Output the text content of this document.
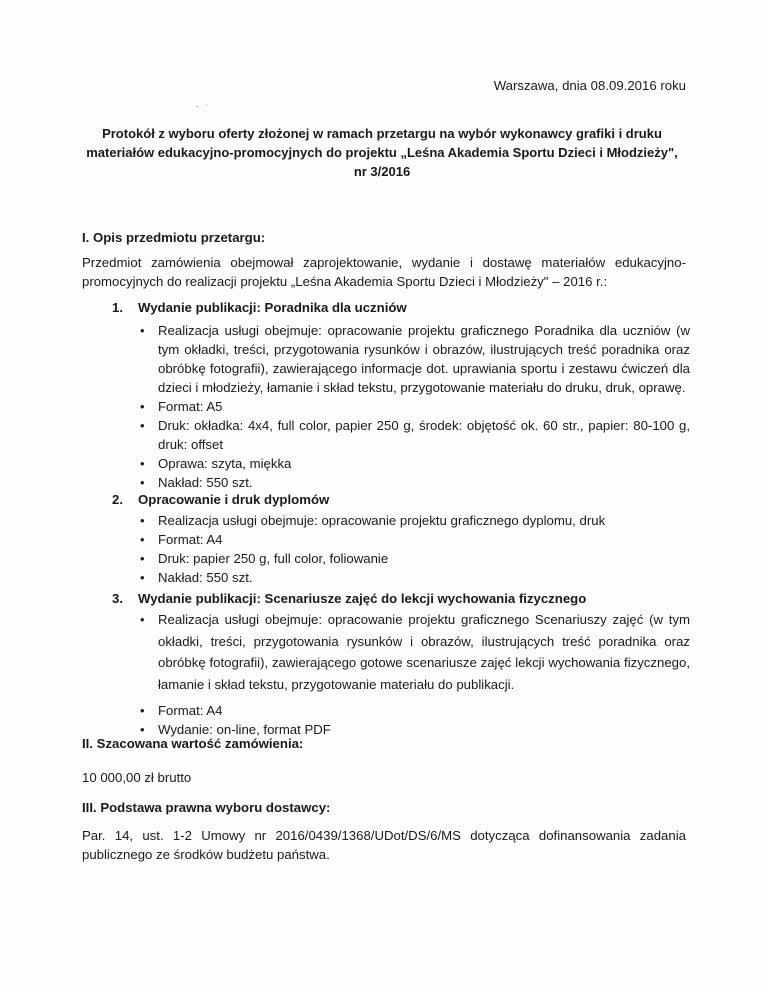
Warszawa, dnia 08.09.2016 roku
Protokół z wyboru oferty złożonej w ramach przetargu na wybór wykonawcy grafiki i druku materiałów edukacyjno-promocyjnych do projektu „Leśna Akademia Sportu Dzieci i Młodzieży", nr 3/2016
I. Opis przedmiotu przetargu:
Przedmiot zamówienia obejmował zaprojektowanie, wydanie i dostawę materiałów edukacyjno-promocyjnych do realizacji projektu „Leśna Akademia Sportu Dzieci i Młodzieży" – 2016 r.:
1. Wydanie publikacji: Poradnika dla uczniów
• Realizacja usługi obejmuje: opracowanie projektu graficznego Poradnika dla uczniów (w tym okładki, treści, przygotowania rysunków i obrazów, ilustrujących treść poradnika oraz obróbkę fotografii), zawierającego informacje dot. uprawiania sportu i zestawu ćwiczeń dla dzieci i młodzieży, łamanie i skład tekstu, przygotowanie materiału do druku, druk, oprawę.
• Format: A5
• Druk: okładka: 4x4, full color, papier 250 g, środek: objętość ok. 60 str., papier: 80-100 g, druk: offset
• Oprawa: szyta, miękka
• Nakład: 550 szt.
2. Opracowanie i druk dyplomów
• Realizacja usługi obejmuje: opracowanie projektu graficznego dyplomu, druk
• Format: A4
• Druk: papier 250 g, full color, foliowanie
• Nakład: 550 szt.
3. Wydanie publikacji: Scenariusze zajęć do lekcji wychowania fizycznego
• Realizacja usługi obejmuje: opracowanie projektu graficznego Scenariuszy zajęć (w tym okładki, treści, przygotowania rysunków i obrazów, ilustrujących treść poradnika oraz obróbkę fotografii), zawierającego gotowe scenariusze zajęć lekcji wychowania fizycznego, łamanie i skład tekstu, przygotowanie materiału do publikacji.
• Format: A4
• Wydanie: on-line, format PDF
II. Szacowana wartość zamówienia:
10 000,00 zł brutto
III. Podstawa prawna wyboru dostawcy:
Par. 14, ust. 1-2 Umowy nr 2016/0439/1368/UDot/DS/6/MS dotycząca dofinansowania zadania publicznego ze środków budżetu państwa.
